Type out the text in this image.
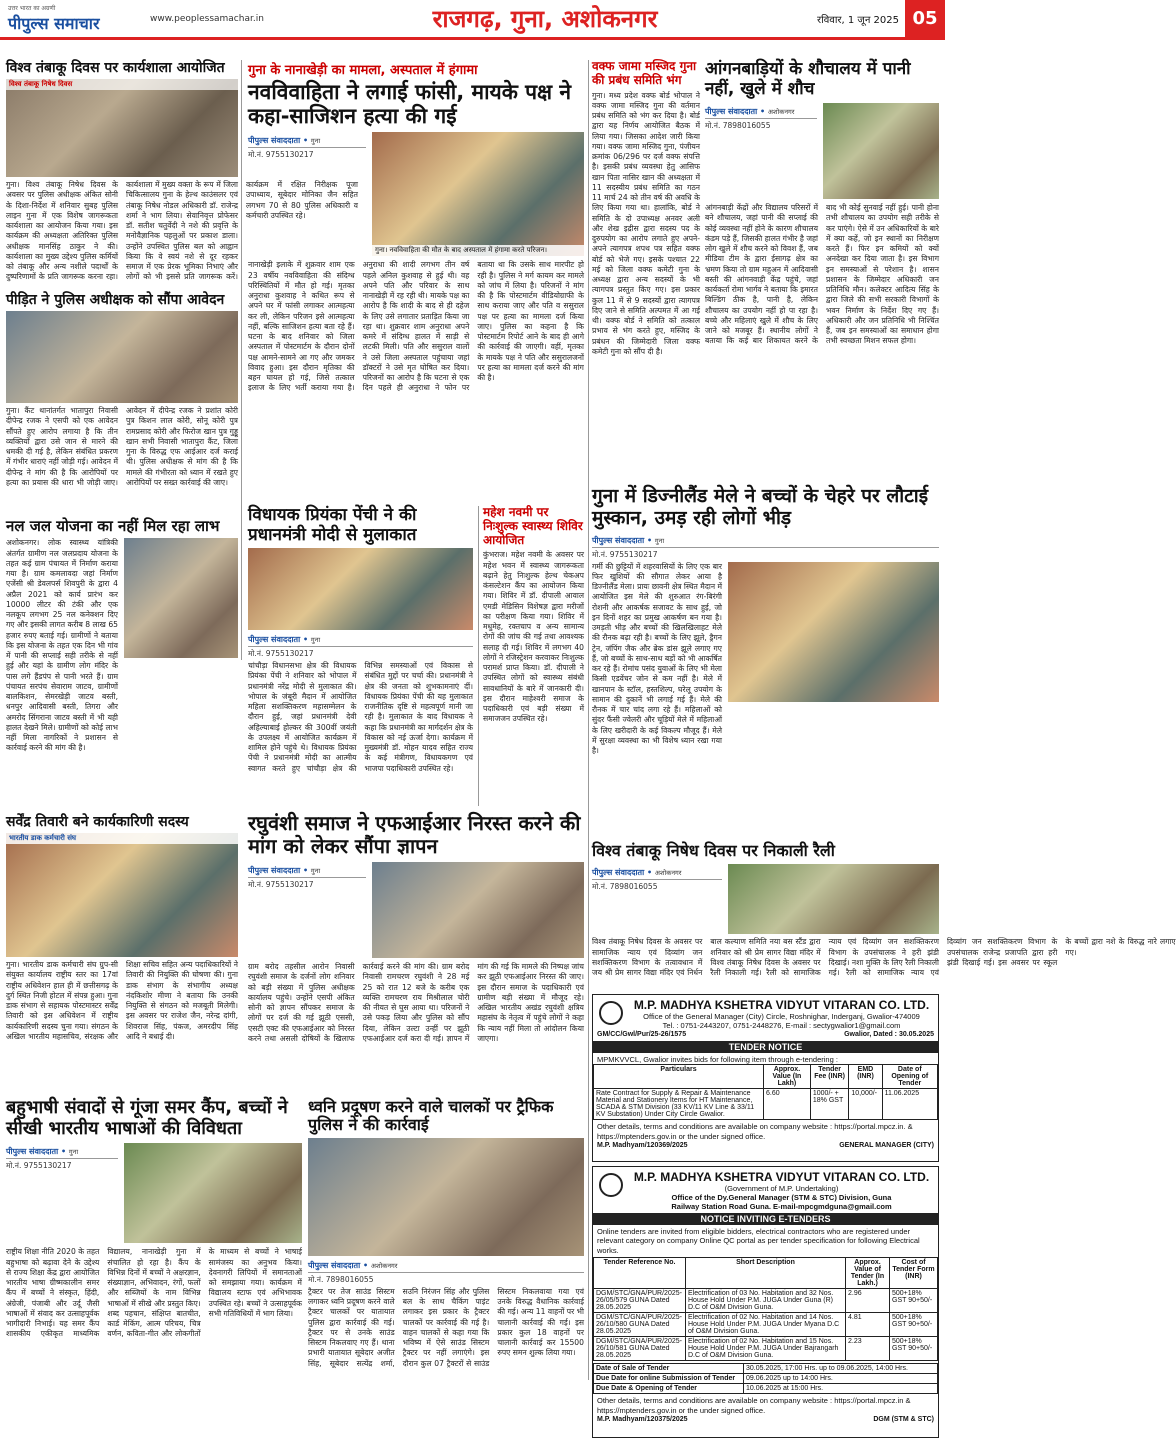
उत्तर भारत का अग्रणी
पीपुल्स समाचार	www.peoplessamachar.in	राजगढ़, गुना, अशोकनगर	रविवार, 1 जून 2025 05
विश्व तंबाकू दिवस पर कार्यशाला आयोजित
विश्व तंबाकू निषेध दिवस
गुना। विश्व तंबाकू निषेध दिवस के अवसर पर पुलिस अधीक्षक अंकित सोनी के दिशा-निर्देश में शनिवार सुबह पुलिस लाइन गुना में एक विशेष जागरूकता कार्यशाला का आयोजन किया गया। इस कार्यक्रम की अध्यक्षता अतिरिक्त पुलिस अधीक्षक मानसिंह ठाकुर ने की। कार्यशाला का मुख्य उद्देश्य पुलिस कर्मियों को तंबाकू और अन्य नशीले पदार्थों के दुष्परिणामों के प्रति जागरूक करना रहा। कार्यशाला में मुख्य वक्ता के रूप में जिला चिकित्सालय गुना के हेल्थ काउंसलर एवं तंबाकू निषेध नोडल अधिकारी डॉ. राजेन्द्र शर्मा ने भाग लिया। सेवानिवृत्त प्रोफेसर डॉ. सतीश चतुर्वेदी ने नशे की प्रवृत्ति के मनोवैज्ञानिक पहलुओं पर प्रकाश डाला। उन्होंने उपस्थित पुलिस बल को आह्वान किया कि वे स्वयं नशे से दूर रहकर समाज में एक प्रेरक भूमिका निभाएं और लोगों को भी इससे प्रति जागरूक करें। कार्यक्रम में रक्षित निरीक्षक पूजा उपाध्याय, सूबेदार मोनिका जैन सहित लगभग 70 से 80 पुलिस अधिकारी व कर्मचारी उपस्थित रहे।
पीड़ित ने पुलिस अधीक्षक को सौंपा आवेदन
गुना। कैंट थानांतर्गत भातापुरा निवासी दीपेन्द्र रजक ने एसपी को एक आवेदन सौंपते हुए आरोप लगाया है कि तीन व्यक्तियों द्वारा उसे जान से मारने की धमकी दी गई है, लेकिन संबंधित प्रकरण में गंभीर धाराएं नहीं जोड़ी गई। आवेदन में दीपेन्द्र ने मांग की है कि आरोपियों पर हत्या का प्रयास की धारा भी जोड़ी जाए। आवेदन में दीपेन्द्र रजक ने प्रशांत कोरी पुत्र किशन लाल कोरी, सोनू कोरी पुत्र रामप्रसाद कोरी और फिरोज खान पुत्र गुड्डू खान सभी निवासी भातापुरा कैंट, जिला गुना के विरुद्ध एफ आईआर दर्ज कराई थी। पुलिस अधीक्षक से मांग की है कि मामले की गंभीरता को ध्यान में रखते हुए आरोपियों पर सख्त कार्रवाई की जाए।
नल जल योजना का नहीं मिल रहा लाभ
अशोकनगर। लोक स्वास्थ्य यांत्रिकी अंतर्गत ग्रामीण नल जलप्रदाय योजना के तहत कई ग्राम पंचायत में निर्माण कराया गया है। ग्राम कमलावदा जहां निर्माण एजेंसी श्री डेवलपर्स शिवपुरी के द्वारा 4 अप्रैल 2021 को कार्य प्रारंभ कर 10000 लीटर की टंकी और एक नलकूप लगभग 25 नल कनेक्शन दिए गए और इसकी लागत करीब 8 लाख 65 हजार रुपए बताई गई। ग्रामीणों ने बताया कि इस योजना के तहत एक दिन भी गांव में पानी की सप्लाई सही तरीके से नहीं हुई और यहां के ग्रामीण लोग मंदिर के पास लगे हैंडपंप से पानी भरते हैं। ग्राम पंचायत सरपंच सेवाराम जाटव, ग्रामीणों बालकिशन, सेमरखेड़ी जाटव बस्ती, धनपुर आदिवासी बस्ती, तिगरा और अमरोद सिंगराना जाटव बस्ती में भी यही हालत देखने मिले। ग्रामीणों को कोई लाभ नहीं मिला नागरिकों ने प्रशासन से कार्रवाई करने की मांग की है।
सर्वेंद्र तिवारी बने कार्यकारिणी सदस्य
भारतीय डाक कर्मचारी संघ
गुना। भारतीय डाक कर्मचारी संघ ग्रुप-सी संयुक्त कार्यालय राष्ट्रीय स्तर का 17वां राष्ट्रीय अधिवेशन हाल ही में छत्तीसगढ़ के दुर्ग स्थित निजी होटल में संपन्न हुआ। गुना डाक संभाग से सहायक पोस्टमास्टर सर्वेंद्र तिवारी को इस अधिवेशन में राष्ट्रीय कार्यकारिणी सदस्य चुना गया। संगठन के अखिल भारतीय महासचिव, संरक्षक और शिक्षा सचिव सहित अन्य पदाधिकारियों ने तिवारी की नियुक्ति की घोषणा की। गुना डाक संभाग के संभागीय अध्यक्ष नंदकिशोर मीणा ने बताया कि उनकी नियुक्ति से संगठन को मजबूती मिलेगी। इस अवसर पर राजेश जैन, नरेन्द्र दांगी, शिवराज सिंह, पंकज, अमरदीप सिंह आदि ने बधाई दी।
गुना के नानाखेड़ी का मामला, अस्पताल में हंगामा
नवविवाहिता ने लगाई फांसी, मायके पक्ष ने कहा-साजिशन हत्या की गई
पीपुल्स संवाददाता • गुना
मो.नं. 9755130217
गुना। नवविवाहिता की मौत के बाद अस्पताल में हंगामा करते परिजन।
नानाखेड़ी इलाके में शुक्रवार शाम एक 23 वर्षीय नवविवाहिता की संदिग्ध परिस्थितियों में मौत हो गई। मृतका अनुराधा कुशवाह ने कथित रूप से अपने घर में फांसी लगाकर आत्महत्या कर ली, लेकिन परिजन इसे आत्महत्या नहीं, बल्कि साजिशन हत्या बता रहे हैं। घटना के बाद शनिवार को जिला अस्पताल में पोस्टमार्टम के दौरान दोनों पक्ष आमने-सामने आ गए और जमकर विवाद हुआ। इस दौरान मृतिका की बहन घायल हो गई, जिसे तत्काल इलाज के लिए भर्ती कराया गया है। अनुराधा की शादी लगभग तीन वर्ष पहले अनिल कुशवाह से हुई थी। वह अपने पति और परिवार के साथ नानाखेड़ी में रह रही थी। मायके पक्ष का आरोप है कि शादी के बाद से ही दहेज के लिए उसे लगातार प्रताड़ित किया जा रहा था। शुक्रवार शाम अनुराधा अपने कमरे में संदिग्ध हालत में साड़ी से लटकी मिली। पति और ससुराल वालों ने उसे जिला अस्पताल पहुंचाया जहां डॉक्टरों ने उसे मृत घोषित कर दिया। परिजनों का आरोप है कि घटना से एक दिन पहले ही अनुराधा ने फोन पर बताया था कि उसके साथ मारपीट हो रही है। पुलिस ने मर्ग कायम कर मामले को जांच में लिया है। परिजनों ने मांग की है कि पोस्टमार्टम वीडियोग्राफी के साथ कराया जाए और पति व ससुराल पक्ष पर हत्या का मामला दर्ज किया जाए। पुलिस का कहना है कि पोस्टमार्टम रिपोर्ट आने के बाद ही आगे की कार्रवाई की जाएगी। वहीं, मृतका के मायके पक्ष ने पति और ससुरालजनों पर हत्या का मामला दर्ज करने की मांग की है।
विधायक प्रियंका पेंची ने की प्रधानमंत्री मोदी से मुलाकात
पीपुल्स संवाददाता • गुना
मो.नं. 9755130217
चांचौड़ा विधानसभा क्षेत्र की विधायक प्रियंका पेंची ने शनिवार को भोपाल में प्रधानमंत्री नरेंद्र मोदी से मुलाकात की। भोपाल के जंबूरी मैदान में आयोजित महिला सशक्तिकरण महासम्मेलन के दौरान हुई, जहां प्रधानमंत्री देवी अहिल्याबाई होल्कर की 300वीं जयंती के उपलक्ष्य में आयोजित कार्यक्रम में शामिल होने पहुंचे थे। विधायक प्रियंका पेंची ने प्रधानमंत्री मोदी का आत्मीय स्वागत करते हुए चांचौड़ा क्षेत्र की विभिन्न समस्याओं एवं विकास से संबंधित मुद्दों पर चर्चा की। प्रधानमंत्री ने क्षेत्र की जनता को शुभकामनाएं दीं। विधायक प्रियंका पेंची की यह मुलाकात राजनीतिक दृष्टि से महत्वपूर्ण मानी जा रही है। मुलाकात के बाद विधायक ने कहा कि प्रधानमंत्री का मार्गदर्शन क्षेत्र के विकास को नई ऊर्जा देगा। कार्यक्रम में मुख्यमंत्री डॉ. मोहन यादव सहित राज्य के कई मंत्रीगण, विधायकगण एवं भाजपा पदाधिकारी उपस्थित रहे।
महेश नवमी पर निःशुल्क स्वास्थ्य शिविर आयोजित
कुंभराज। महेश नवमी के अवसर पर महेश भवन में स्वास्थ्य जागरूकता बढ़ाने हेतु निःशुल्क हेल्थ चेकअप कंसल्टेशन कैंप का आयोजन किया गया। शिविर में डॉ. दीपाली आवाल एमडी मेडिसिन विशेषज्ञ द्वारा मरीजों का परीक्षण किया गया। शिविर में मधुमेह, रक्तचाप व अन्य सामान्य रोगों की जांच की गई तथा आवश्यक सलाह दी गई। शिविर में लगभग 40 लोगों ने रजिस्ट्रेशन करवाकर निःशुल्क परामर्श प्राप्त किया। डॉ. दीपाली ने उपस्थित लोगों को स्वास्थ्य संबंधी सावधानियों के बारे में जानकारी दी। इस दौरान माहेश्वरी समाज के पदाधिकारी एवं बड़ी संख्या में समाजजन उपस्थित रहे।
रघुवंशी समाज ने एफआईआर निरस्त करने की मांग को लेकर सौंपा ज्ञापन
पीपुल्स संवाददाता • गुना
मो.नं. 9755130217
ग्राम बरोद तहसील आरोन निवासी रघुवंशी समाज के दर्जनों लोग शनिवार को बड़ी संख्या में पुलिस अधीक्षक कार्यालय पहुंचे। उन्होंने एसपी अंकित सोनी को ज्ञापन सौंपकर समाज के लोगों पर दर्ज की गई झूठी एससी, एसटी एक्ट की एफआईआर को निरस्त करने तथा असली दोषियों के खिलाफ कार्रवाई करने की मांग की। ग्राम बरोद निवासी रामचरण रघुवंशी ने 28 मई 25 को रात 12 बजे के करीब एक व्यक्ति रामचरण राय मिश्रीलाल चोरी की नीयत से घुस आया था। परिजनों ने उसे पकड़ लिया और पुलिस को सौंप दिया, लेकिन उल्टा उन्हीं पर झूठी एफआईआर दर्ज करा दी गई। ज्ञापन में मांग की गई कि मामले की निष्पक्ष जांच कर झूठी एफआईआर निरस्त की जाए। इस दौरान समाज के पदाधिकारी एवं ग्रामीण बड़ी संख्या में मौजूद रहे। अखिल भारतीय अखंड रघुवंशी क्षत्रिय महासंघ के नेतृत्व में पहुंचे लोगों ने कहा कि न्याय नहीं मिला तो आंदोलन किया जाएगा।
बहुभाषी संवादों से गूंजा समर कैंप, बच्चों ने सीखी भारतीय भाषाओं की विविधता
पीपुल्स संवाददाता • गुना
मो.नं. 9755130217
राष्ट्रीय शिक्षा नीति 2020 के तहत बहुभाषा को बढ़ावा देने के उद्देश्य से राज्य शिक्षा केंद्र द्वारा आयोजित भारतीय भाषा ग्रीष्मकालीन समर कैंप में बच्चों ने संस्कृत, हिंदी, अंग्रेजी, पंजाबी और उर्दू जैसी भाषाओं में संवाद कर उत्साहपूर्वक भागीदारी निभाई। यह समर कैंप शासकीय एकीकृत माध्यमिक विद्यालय, नानाखेड़ी गुना में संचालित हो रहा है। कैंप के विभिन्न दिनों में बच्चों ने अक्षरज्ञान, संख्याज्ञान, अभिवादन, रंगों, फलों और सब्जियों के नाम विभिन्न भाषाओं में सीखे और प्रस्तुत किए। शब्द पहचान, संक्षिप्त बातचीत, कार्ड मेकिंग, आत्म परिचय, चित्र वर्णन, कविता-गीत और लोकगीतों के माध्यम से बच्चों ने भाषाई सामंजस्य का अनुभव किया। देवनागरी लिपियों में समानताओं को समझाया गया। कार्यक्रम में विद्यालय स्टाफ एवं अभिभावक उपस्थित रहे। बच्चों ने उत्साहपूर्वक सभी गतिविधियों में भाग लिया।
ध्वनि प्रदूषण करने वाले चालकों पर ट्रैफिक पुलिस ने की कार्रवाई
पीपुल्स संवाददाता • अशोकनगर
मो.नं. 7898016055
ट्रैक्टर पर तेज साउंड सिस्टम लगाकर ध्वनि प्रदूषण करने वाले ट्रैक्टर चालकों पर यातायात पुलिस द्वारा कार्रवाई की गई। ट्रैक्टर पर से उनके साउंड सिस्टम निकलवाए गए हैं। थाना प्रभारी यातायात सूबेदार अजीत सिंह, सूबेदार सत्येंद्र शर्मा, सउनि निरंजन सिंह और पुलिस बल के साथ चैकिंग पाइंट लगाकर इस प्रकार के ट्रैक्टर चालकों पर कार्रवाई की गई है। वाहन चालकों से कहा गया कि भविष्य में ऐसे साउंड सिस्टम ट्रैक्टर पर नहीं लगाएंगे। इस दौरान कुल 07 ट्रैक्टरों से साउंड सिस्टम निकलवाया गया एवं उनके विरुद्ध वैधानिक कार्रवाई की गई। अन्य 11 वाहनों पर भी चालानी कार्रवाई की गई। इस प्रकार कुल 18 वाहनों पर चालानी कार्रवाई कर 15500 रुपए समन शुल्क लिया गया।
वक्फ जामा मस्जिद गुना की प्रबंध समिति भंग
गुना। मध्य प्रदेश वक्फ बोर्ड भोपाल ने वक्फ जामा मस्जिद गुना की वर्तमान प्रबंध समिति को भंग कर दिया है। बोर्ड द्वारा यह निर्णय आयोजित बैठक में लिया गया। जिसका आदेश जारी किया गया। वक्फ जामा मस्जिद गुना, पंजीयन क्रमांक 06/296 पर दर्ज वक्फ संपत्ति है। इसकी प्रबंध व्यवस्था हेतु आसिफ खान पिता नासिर खान की अध्यक्षता में 11 सदस्यीय प्रबंध समिति का गठन 11 मार्च 24 को तीन वर्ष की अवधि के लिए किया गया था। हालांकि, बोर्ड ने समिति के दो उपाध्यक्ष अनवर अली और शेख इद्रीस द्वारा सदस्य पद के दुरुपयोग का आरोप लगाते हुए अपने-अपने त्यागपत्र शपथ पत्र सहित वक्फ बोर्ड को भेजे गए। इसके पश्चात 22 मई को जिला वक्फ कमेटी गुना के अध्यक्ष द्वारा अन्य सदस्यों के भी त्यागपत्र प्रस्तुत किए गए। इस प्रकार कुल 11 में से 9 सदस्यों द्वारा त्यागपत्र दिए जाने से समिति अल्पमत में आ गई थी। वक्फ बोर्ड ने समिति को तत्काल प्रभाव से भंग करते हुए, मस्जिद के प्रबंधन की जिम्मेदारी जिला वक्फ कमेटी गुना को सौंप दी है।
आंगनबाड़ियों के शौचालय में पानी नहीं, खुले में शौच
पीपुल्स संवाददाता • अशोकनगर
मो.नं. 7898016055
आंगनबाड़ी केंद्रों और विद्यालय परिसरों में बने शौचालय, जहां पानी की सप्लाई की कोई व्यवस्था नहीं होने के कारण शौचालय कंडम पड़े हैं, जिसकी हालत गंभीर है जहां लोग खुले में शौच करने को विवश हैं, जब मीडिया टीम के द्वारा ईसागढ़ क्षेत्र का भ्रमण किया तो ग्राम महुअन में आदिवासी बस्ती की आंगनवाड़ी केंद्र पहुंचे, जहां कार्यकर्ता रोमा भार्गव ने बताया कि इमारत बिल्डिंग ठीक है, पानी है, लेकिन शौचालय का उपयोग नहीं हो पा रहा है। बच्चे और महिलाएं खुले में शौच के लिए जाने को मजबूर हैं। स्थानीय लोगों ने बताया कि कई बार शिकायत करने के बाद भी कोई सुनवाई नहीं हुई। पानी होना तभी शौचालय का उपयोग सही तरीके से कर पाएंगे। ऐसे में उन अधिकारियों के बारे में क्या कहें, जो इन स्थानों का निरीक्षण करते हैं। फिर इन कमियों को क्यों अनदेखा कर दिया जाता है। इस विभाग इन समस्याओं से परेशान है। शासन प्रशासन के जिम्मेदार अधिकारी जन प्रतिनिधि मौन। कलेक्टर आदित्य सिंह के द्वारा जिले की सभी सरकारी विभागों के भवन निर्माण के निर्देश दिए गए हैं। अधिकारी और जन प्रतिनिधि भी निश्चिंत हैं, जब इन समस्याओं का समाधान होगा तभी स्वच्छता मिशन सफल होगा।
गुना में डिज्नीलैंड मेले ने बच्चों के चेहरे पर लौटाई मुस्कान, उमड़ रही लोगों भीड़
पीपुल्स संवाददाता • गुना
मो.नं. 9755130217
गर्मी की छुट्टियों में शहरवासियों के लिए एक बार फिर खुशियों की सौगात लेकर आया है डिज्नीलैंड मेला। प्रायः छावनी क्षेत्र स्थित मैदान में आयोजित इस मेले की शुरुआत रंग-बिरंगी रोशनी और आकर्षक सजावट के साथ हुई, जो इन दिनों शहर का प्रमुख आकर्षण बन गया है। उमड़ती भीड़ और बच्चों की खिलखिलाहट मेले की रौनक बढ़ा रही है। बच्चों के लिए झूले, ड्रैगन ट्रेन, जंपिंग जैक और ब्रेक डांस झूले लगाए गए हैं, जो बच्चों के साथ-साथ बड़ों को भी आकर्षित कर रहे हैं। रोमांच पसंद युवाओं के लिए भी मेला किसी एडवेंचर जोन से कम नहीं है। मेले में खानपान के स्टॉल, हस्तशिल्प, घरेलू उपयोग के सामान की दुकानें भी लगाई गई हैं। मेले की रौनक में चार चांद लगा रहे हैं। महिलाओं को सुंदर फैंसी ज्वेलरी और चूड़ियों मेले में महिलाओं के लिए खरीदारी के कई विकल्प मौजूद हैं। मेले में सुरक्षा व्यवस्था का भी विशेष ध्यान रखा गया है।
विश्व तंबाकू निषेध दिवस पर निकाली रैली
पीपुल्स संवाददाता • अशोकनगर
मो.नं. 7898016055
विश्व तंबाकू निषेध दिवस के अवसर पर सामाजिक न्याय एवं दिव्यांग जन सशक्तिकरण विभाग के तत्वावधान में जय श्री प्रेम सागर विद्या मंदिर एवं निर्धन बाल कल्याण समिति नया बस स्टैंड द्वारा शनिवार को श्री प्रेम सागर विद्या मंदिर में विश्व तंबाकू निषेध दिवस के अवसर पर रैली निकाली गई। रैली को सामाजिक न्याय एवं दिव्यांग जन सशक्तिकरण विभाग के उपसंचालक ने हरी झंडी दिखाई। नशा मुक्ति के लिए रैली निकाली गई। रैली को सामाजिक न्याय एवं दिव्यांग जन सशक्तिकरण विभाग के उपसंचालक राजेन्द्र प्रजापति द्वारा हरी झंडी दिखाई गई। इस अवसर पर स्कूल के बच्चों द्वारा नशे के विरुद्ध नारे लगाए गए।
M.P. MADHYA KSHETRA VIDYUT VITARAN CO. LTD.
Office of the General Manager (City) Circle, Roshnighar, Inderganj, Gwalior-474009
Tel. : 0751-2443207, 0751-2448276, E-mail : sectygwalior1@gmail.com
GM/CC/Gwl/Pur/25-26/1575	Gwalior, Dated : 30.05.2025
TENDER NOTICE

MPMKVVCL, Gwalior invites bids for following item through e-tendering :

Particulars	Approx. Value (In Lakh)	Tender Fee (INR)	EMD (INR)	Date of Opening of Tender
Rate Contract for Supply & Repair & Maintenance Material and Stationery Items for HT Maintenance, SCADA & STM Division (33 KV/11 KV Line & 33/11 KV Substation) Under City Circle Gwalior.	6.60	1000/- + 18% GST	10,000/-	11.06.2025

Other details, terms and conditions are available on company website : https://portal.mpcz.in. & https://mptenders.gov.in or the under signed office.

M.P. Madhyam/120369/2025	GENERAL MANAGER (CITY)
M.P. MADHYA KSHETRA VIDYUT VITARAN CO. LTD.
(Government of M.P. Undertaking)
Office of the Dy.General Manager (STM & STC) Division, Guna
Railway Station Road Guna. E-mail-mpcgmdguna@gmail.com
NOTICE INVITING E-TENDERS

Online tenders are invited from eligible bidders, electrical contractors who are registered under relevant category on company Online QC portal as per tender specification for following Electrical works.

Tender Reference No.	Short Description	Approx. Value of Tender (In Lakh.)	Cost of Tender Form (INR)
DGM/STC/GNA/PUR/2025-26/05/579 GUNA Dated 28.05.2025	Electrification of 03 No. Habitation and 32 Nos. House Hold Under P.M. JUGA Under Guna (R) D.C of O&M Division Guna.	2.96	500+18% GST 90+50/-
DGM/STC/GNA/PUR/2025-26/10/580 GUNA Dated 28.05.2025	Electrification of 02 No. Habitation and 14 Nos. House Hold Under P.M. JUGA Under Myana D.C of O&M Division Guna.	4.81	500+18% GST 90+50/-
DGM/STC/GNA/PUR/2025-26/10/581 GUNA Dated 28.05.2025	Electrification of 02 No. Habitation and 15 Nos. House Hold Under P.M. JUGA Under Bajrangarh D.C of O&M Division Guna.	2.23	500+18% GST 90+50/-
Date of Sale of Tender	30.05.2025, 17:00 Hrs. up to 09.06.2025, 14:00 Hrs.
Due Date for online Submission of Tender	09.06.2025 up to 14:00 Hrs.
Due Date & Opening of Tender	10.06.2025 at 15:00 Hrs.

Other details, terms and conditions are available on company website : https://portal.mpcz.in & https://mptenders.gov.in or the under signed office.

M.P. Madhyam/120375/2025	DGM (STM & STC)
